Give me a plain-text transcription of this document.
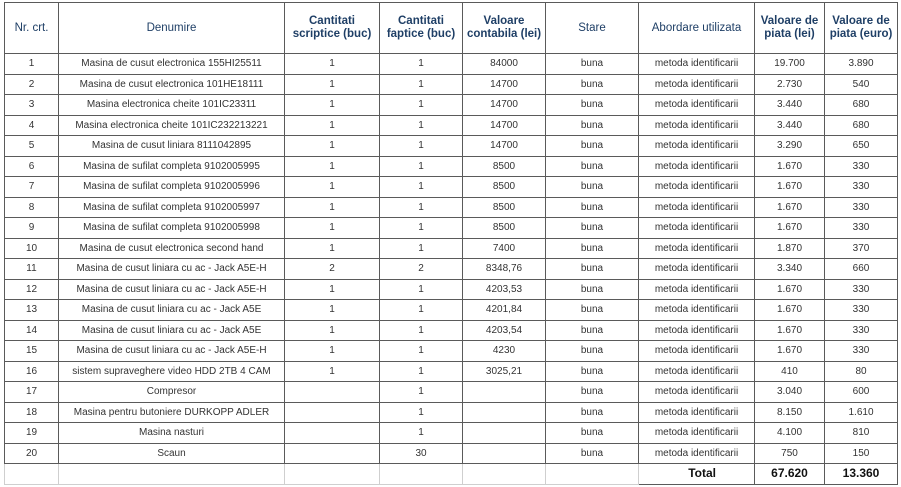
Nr. crt.	Denumire	Cantitati scriptice (buc)	Cantitati faptice (buc)	Valoare contabila (lei)	Stare	Abordare utilizata	Valoare de piata (lei)	Valoare de piata (euro)
1	Masina de cusut electronica 155HI25511	1	1	84000	buna	metoda identificarii	19.700	3.890
2	Masina de cusut electronica 101HE18111	1	1	14700	buna	metoda identificarii	2.730	540
3	Masina electronica cheite 101IC23311	1	1	14700	buna	metoda identificarii	3.440	680
4	Masina electronica cheite 101IC232213221	1	1	14700	buna	metoda identificarii	3.440	680
5	Masina de cusut liniara 8111042895	1	1	14700	buna	metoda identificarii	3.290	650
6	Masina de sufilat completa 9102005995	1	1	8500	buna	metoda identificarii	1.670	330
7	Masina de sufilat completa 9102005996	1	1	8500	buna	metoda identificarii	1.670	330
8	Masina de sufilat completa 9102005997	1	1	8500	buna	metoda identificarii	1.670	330
9	Masina de sufilat completa 9102005998	1	1	8500	buna	metoda identificarii	1.670	330
10	Masina de cusut electronica second hand	1	1	7400	buna	metoda identificarii	1.870	370
11	Masina de cusut liniara cu ac - Jack A5E-H	2	2	8348,76	buna	metoda identificarii	3.340	660
12	Masina de cusut liniara cu ac - Jack A5E-H	1	1	4203,53	buna	metoda identificarii	1.670	330
13	Masina de cusut liniara cu ac - Jack A5E	1	1	4201,84	buna	metoda identificarii	1.670	330
14	Masina de cusut liniara cu ac - Jack A5E	1	1	4203,54	buna	metoda identificarii	1.670	330
15	Masina de cusut liniara cu ac - Jack A5E-H	1	1	4230	buna	metoda identificarii	1.670	330
16	sistem supraveghere video HDD 2TB 4 CAM	1	1	3025,21	buna	metoda identificarii	410	80
17	Compresor		1		buna	metoda identificarii	3.040	600
18	Masina pentru butoniere DURKOPP ADLER		1		buna	metoda identificarii	8.150	1.610
19	Masina nasturi		1		buna	metoda identificarii	4.100	810
20	Scaun		30		buna	metoda identificarii	750	150
						Total	67.620	13.360
